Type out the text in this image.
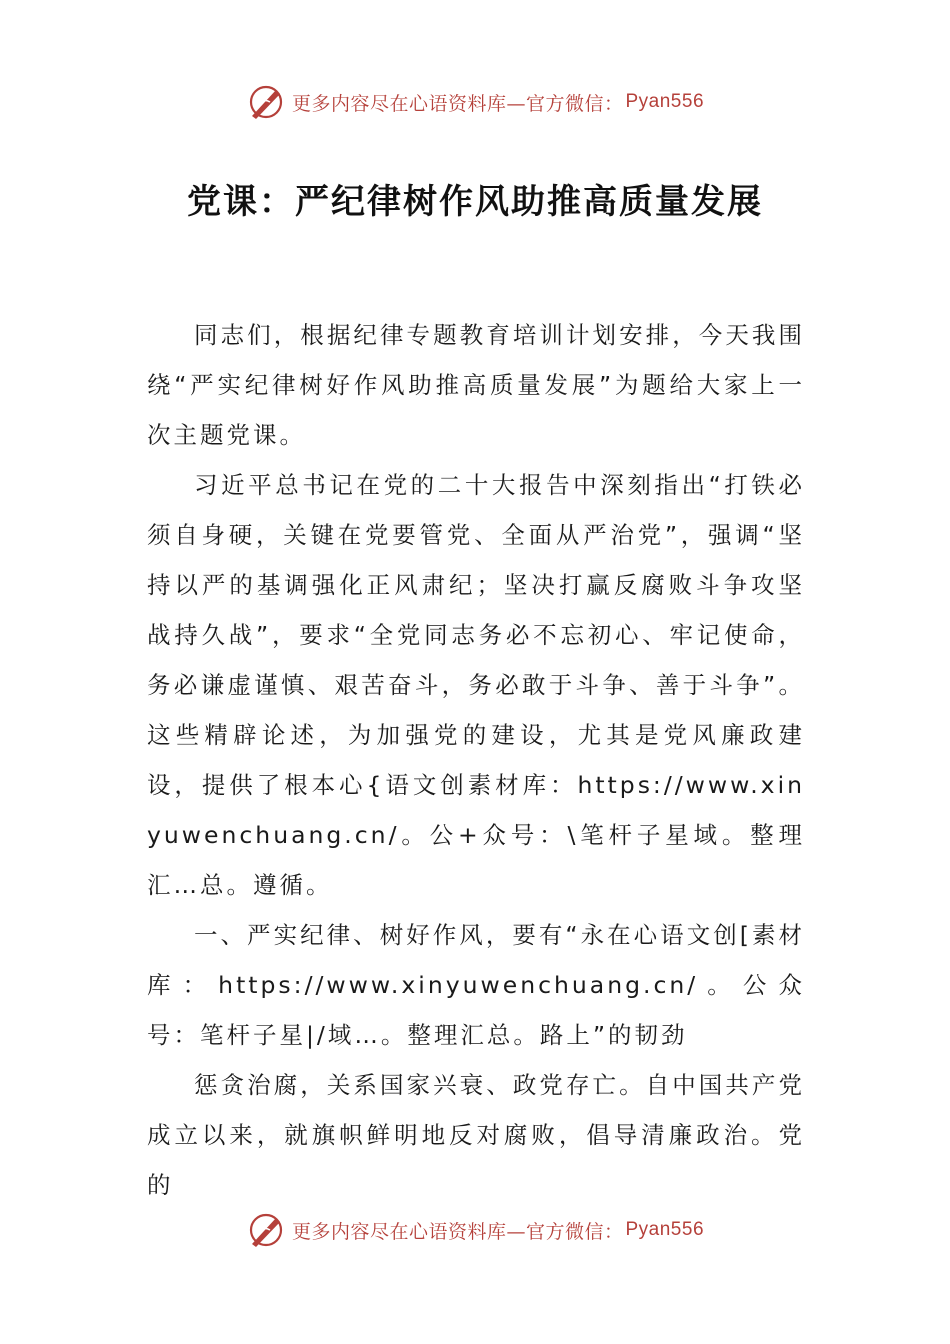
更多内容尽在心语资料库—官方微信： Pyan556
党课：严纪律树作风助推高质量发展

同志们，根据纪律专题教育培训计划安排，今天我围绕“严实纪律树好作风助推高质量发展”为题给大家上一次主题党课。

习近平总书记在党的二十大报告中深刻指出“打铁必须自身硬，关键在党要管党、全面从严治党”，强调“坚持以严的基调强化正风肃纪；坚决打赢反腐败斗争攻坚战持久战”，要求“全党同志务必不忘初心、牢记使命，务必谦虚谨慎、艰苦奋斗，务必敢于斗争、善于斗争”。这些精辟论述，为加强党的建设，尤其是党风廉政建设，提供了根本心{语文创素材库：https://www.xinyuwenchuang.cn/。公+众号：\笔杆子星域。整理汇…总。遵循。

一、严实纪律、树好作风，要有“永在心语文创[素材库：https://www.xinyuwenchuang.cn/。公众号：笔杆子星|/域…。整理汇总。路上”的韧劲

惩贪治腐，关系国家兴衰、政党存亡。自中国共产党成立以来，就旗帜鲜明地反对腐败，倡导清廉政治。党的

更多内容尽在心语资料库—官方微信： Pyan556
